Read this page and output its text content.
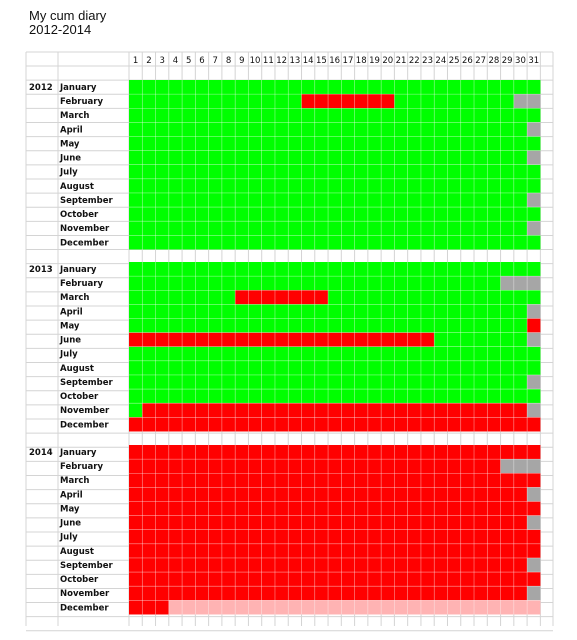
My cum diary
2012-2014
1 2 3 4 5 6 7 8 9 10 11 12 13 14 15 16 17 18 19 20 21 22 23 24 25 26 27 28 29 30 31
2012 January
February
March
April
May
June
July
August
September
October
November
December
2013 January
February
March
April
May
June
July
August
September
October
November
December
2014 January
February
March
April
May
June
July
August
September
October
November
December
